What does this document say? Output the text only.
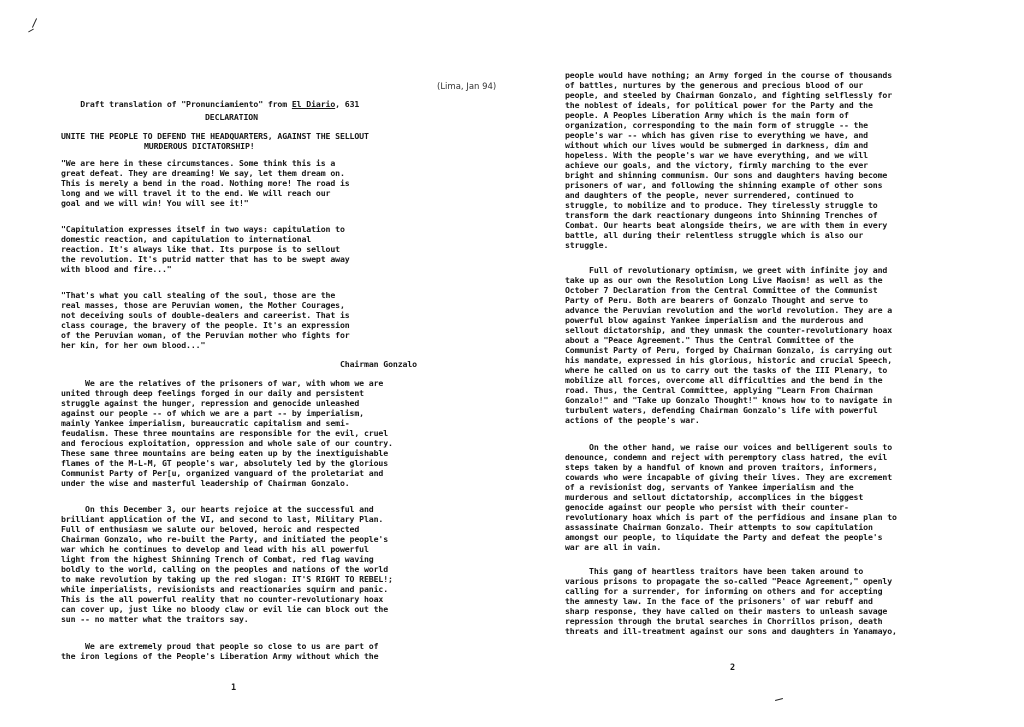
Draft translation of "Pronunciamiento" from El Diario, 631

(Lima, Jan 94)
DECLARATION
UNITE THE PEOPLE TO DEFEND THE HEADQUARTERS, AGAINST THE SELLOUT
MURDEROUS DICTATORSHIP!
"We are here in these circumstances. Some think this is a
great defeat. They are dreaming! We say, let them dream on.
This is merely a bend in the road. Nothing more! The road is
long and we will travel it to the end. We will reach our
goal and we will win! You will see it!"
"Capitulation expresses itself in two ways: capitulation to
domestic reaction, and capitulation to international
reaction. It's always like that. Its purpose is to sellout
the revolution. It's putrid matter that has to be swept away
with blood and fire..."
"That's what you call stealing of the soul, those are the
real masses, those are Peruvian women, the Mother Courages,
not deceiving souls of double-dealers and careerist. That is
class courage, the bravery of the people. It's an expression
of the Peruvian woman, of the Peruvian mother who fights for
her kin, for her own blood..."
Chairman Gonzalo
We are the relatives of the prisoners of war, with whom we are
united through deep feelings forged in our daily and persistent
struggle against the hunger, repression and genocide unleashed
against our people -- of which we are a part -- by imperialism,
mainly Yankee imperialism, bureaucratic capitalism and semi-
feudalism. These three mountains are responsible for the evil, cruel
and ferocious exploitation, oppression and whole sale of our country.
These same three mountains are being eaten up by the inextiguishable
flames of the M-L-M, GT people's war, absolutely led by the glorious
Communist Party of Per[u, organized vanguard of the proletariat and
under the wise and masterful leadership of Chairman Gonzalo.
On this December 3, our hearts rejoice at the successful and
brilliant application of the VI, and second to last, Military Plan.
Full of enthusiasm we salute our beloved, heroic and respected
Chairman Gonzalo, who re-built the Party, and initiated the people's
war which he continues to develop and lead with his all powerful
light from the highest Shinning Trench of Combat, red flag waving
boldly to the world, calling on the peoples and nations of the world
to make revolution by taking up the red slogan: IT'S RIGHT TO REBEL!;
while imperialists, revisionists and reactionaries squirm and panic.
This is the all powerful reality that no counter-revolutionary hoax
can cover up, just like no bloody claw or evil lie can block out the
sun -- no matter what the traitors say.
We are extremely proud that people so close to us are part of
the iron legions of the People's Liberation Army without which the
1
people would have nothing; an Army forged in the course of thousands
of battles, nurtures by the generous and precious blood of our
people, and steeled by Chairman Gonzalo, and fighting selflessly for
the noblest of ideals, for political power for the Party and the
people. A Peoples Liberation Army which is the main form of
organization, corresponding to the main form of struggle -- the
people's war -- which has given rise to everything we have, and
without which our lives would be submerged in darkness, dim and
hopeless. With the people's war we have everything, and we will
achieve our goals, and the victory, firmly marching to the ever
bright and shinning communism. Our sons and daughters having become
prisoners of war, and following the shinning example of other sons
and daughters of the people, never surrendered, continued to
struggle, to mobilize and to produce. They tirelessly struggle to
transform the dark reactionary dungeons into Shinning Trenches of
Combat. Our hearts beat alongside theirs, we are with them in every
battle, all during their relentless struggle which is also our
struggle.
Full of revolutionary optimism, we greet with infinite joy and
take up as our own the Resolution Long Live Maoism! as well as the
October 7 Declaration from the Central Committee of the Communist
Party of Peru. Both are bearers of Gonzalo Thought and serve to
advance the Peruvian revolution and the world revolution. They are a
powerful blow against Yankee imperialism and the murderous and
sellout dictatorship, and they unmask the counter-revolutionary hoax
about a "Peace Agreement." Thus the Central Committee of the
Communist Party of Peru, forged by Chairman Gonzalo, is carrying out
his mandate, expressed in his glorious, historic and crucial Speech,
where he called on us to carry out the tasks of the III Plenary, to
mobilize all forces, overcome all difficulties and the bend in the
road. Thus, the Central Committee, applying "Learn From Chairman
Gonzalo!" and "Take up Gonzalo Thought!" knows how to to navigate in
turbulent waters, defending Chairman Gonzalo's life with powerful
actions of the people's war.
On the other hand, we raise our voices and belligerent souls to
denounce, condemn and reject with peremptory class hatred, the evil
steps taken by a handful of known and proven traitors, informers,
cowards who were incapable of giving their lives. They are excrement
of a revisionist dog, servants of Yankee imperialism and the
murderous and sellout dictatorship, accomplices in the biggest
genocide against our people who persist with their counter-
revolutionary hoax which is part of the perfidious and insane plan to
assassinate Chairman Gonzalo. Their attempts to sow capitulation
amongst our people, to liquidate the Party and defeat the people's
war are all in vain.
This gang of heartless traitors have been taken around to
various prisons to propagate the so-called "Peace Agreement," openly
calling for a surrender, for informing on others and for accepting
the amnesty law. In the face of the prisoners' of war rebuff and
sharp response, they have called on their masters to unleash savage
repression through the brutal searches in Chorrillos prison, death
threats and ill-treatment against our sons and daughters in Yanamayo,
2
